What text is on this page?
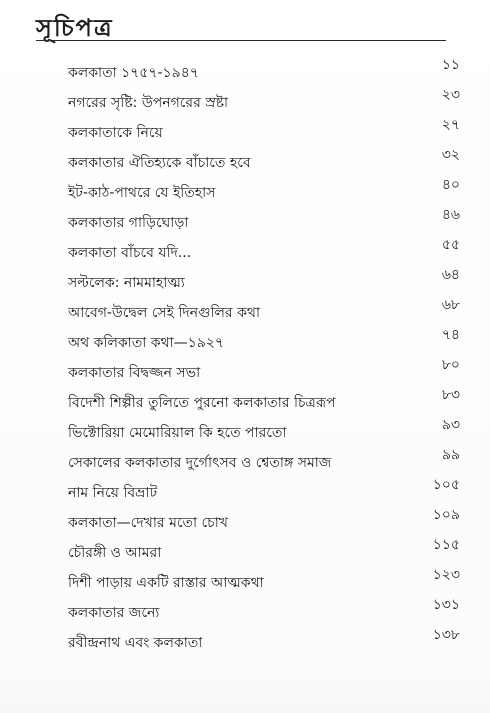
সূচিপত্র
কলকাতা ১৭৫৭-১৯৪৭	১১
নগরের সৃষ্টি: উপনগরের স্রষ্টা	২৩
কলকাতাকে নিয়ে	২৭
কলকাতার ঐতিহ্যকে বাঁচাতে হবে	৩২
ইট-কাঠ-পাথরে যে ইতিহাস	৪০
কলকাতার গাড়িঘোড়া	৪৬
কলকাতা বাঁচবে যদি...	৫৫
সল্টলেক: নামমাহাত্ম্য	৬৪
আবেগ-উদ্বেল সেই দিনগুলির কথা	৬৮
অথ কলিকাতা কথা—১৯২৭	৭৪
কলকাতার বিদ্বজ্জন সভা	৮০
বিদেশী শিল্পীর তুলিতে পুরনো কলকাতার চিত্ররূপ	৮৩
ভিক্টোরিয়া মেমোরিয়াল কি হতে পারতো	৯৩
সেকালের কলকাতার দুর্গোৎসব ও শ্বেতাঙ্গ সমাজ	৯৯
নাম নিয়ে বিভ্রাট	১০৫
কলকাতা—দেখার মতো চোখ	১০৯
চৌরঙ্গী ও আমরা	১১৫
দিশী পাড়ায় একটি রাস্তার আত্মকথা	১২৩
কলকাতার জন্যে	১৩১
রবীন্দ্রনাথ এবং কলকাতা	১৩৮
